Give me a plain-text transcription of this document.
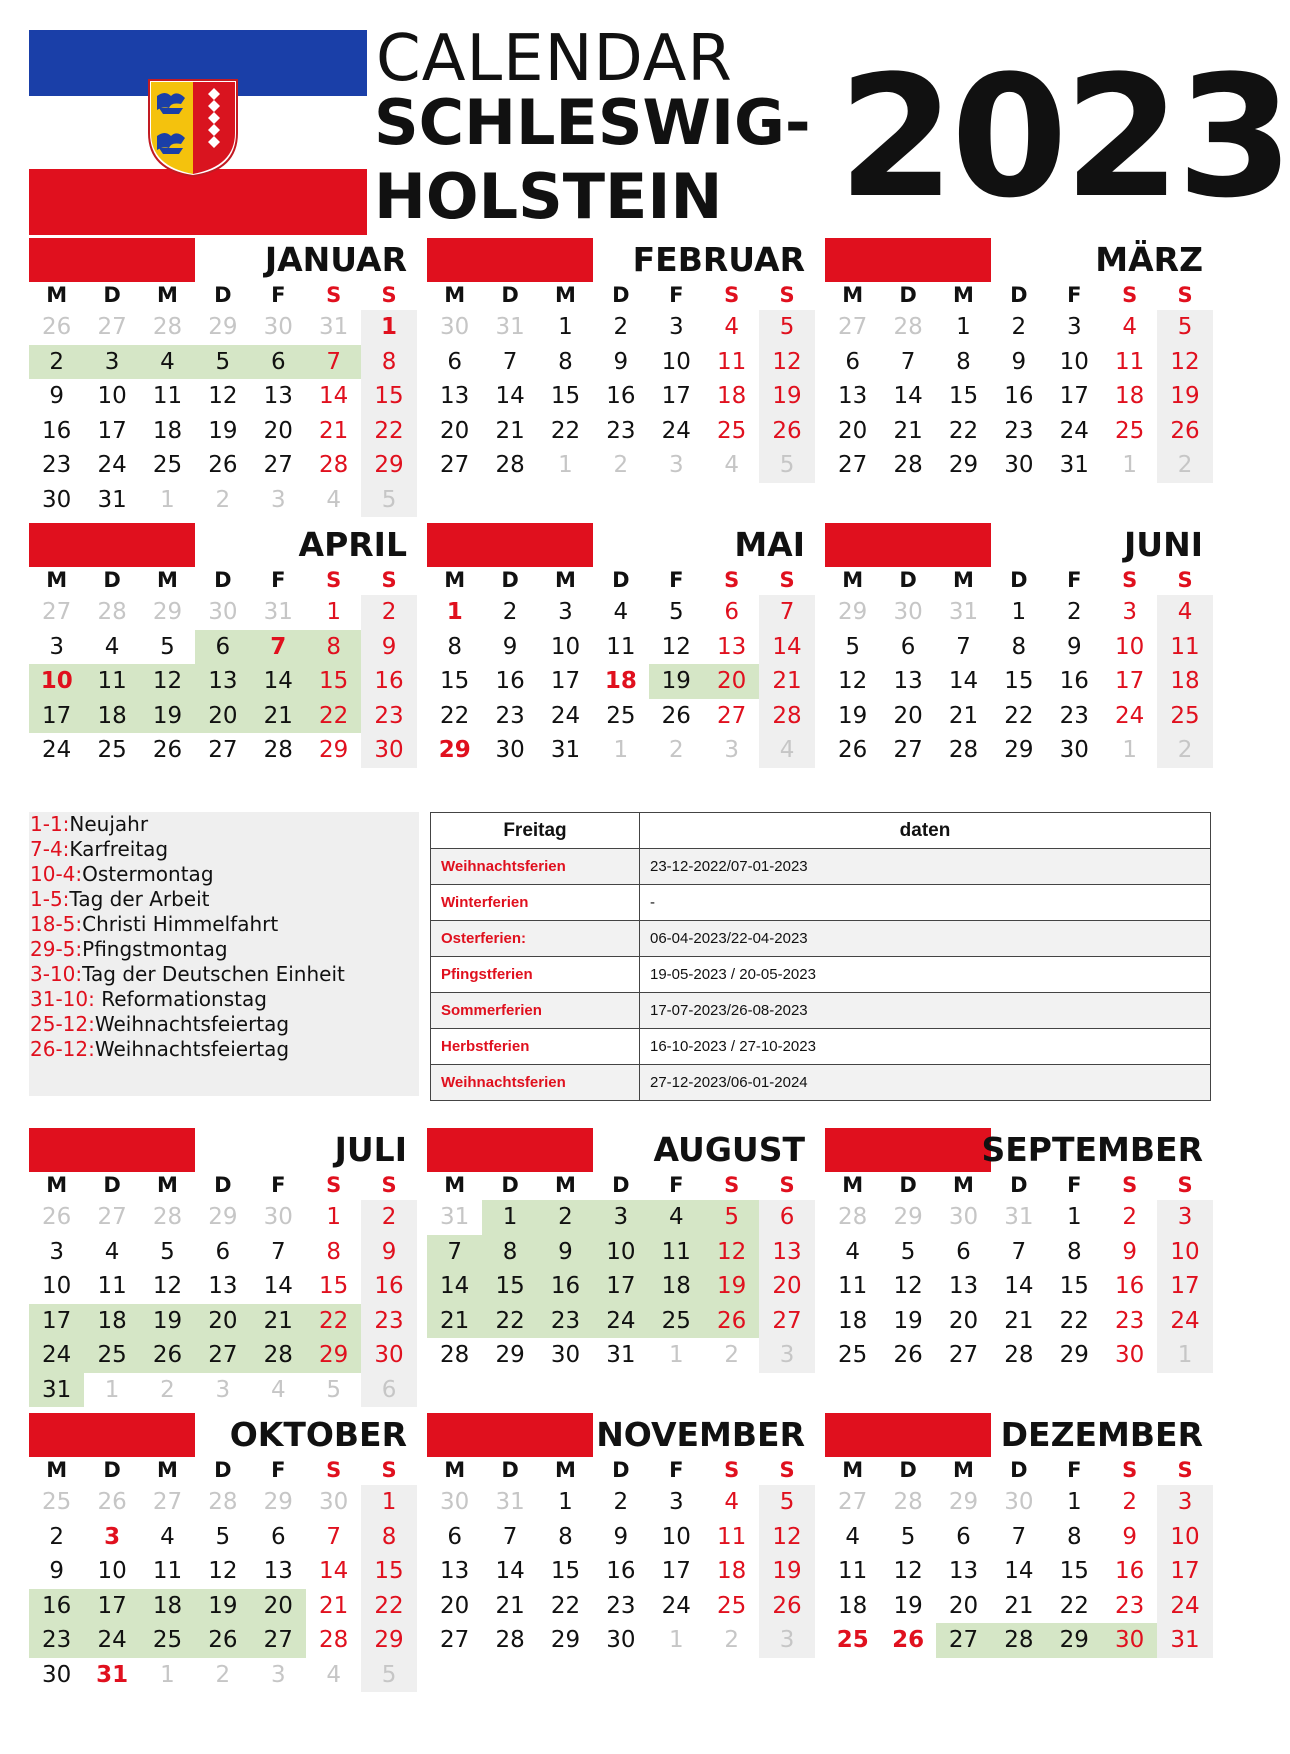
CALENDAR
SCHLESWIG-HOLSTEIN 2023
JANUAR
M	D	M	D	F	S	S
26	27	28	29	30	31	1
2	3	4	5	6	7	8
9	10	11	12	13	14	15
16	17	18	19	20	21	22
23	24	25	26	27	28	29
30	31	1	2	3	4	5
FEBRUAR
M	D	M	D	F	S	S
30	31	1	2	3	4	5
6	7	8	9	10	11	12
13	14	15	16	17	18	19
20	21	22	23	24	25	26
27	28	1	2	3	4	5
MÄRZ
M	D	M	D	F	S	S
27	28	1	2	3	4	5
6	7	8	9	10	11	12
13	14	15	16	17	18	19
20	21	22	23	24	25	26
27	28	29	30	31	1	2
APRIL
M	D	M	D	F	S	S
27	28	29	30	31	1	2
3	4	5	6	7	8	9
10	11	12	13	14	15	16
17	18	19	20	21	22	23
24	25	26	27	28	29	30
MAI
M	D	M	D	F	S	S
1	2	3	4	5	6	7
8	9	10	11	12	13	14
15	16	17	18	19	20	21
22	23	24	25	26	27	28
29	30	31	1	2	3	4
JUNI
M	D	M	D	F	S	S
29	30	31	1	2	3	4
5	6	7	8	9	10	11
12	13	14	15	16	17	18
19	20	21	22	23	24	25
26	27	28	29	30	1	2
JULI
M	D	M	D	F	S	S
26	27	28	29	30	1	2
3	4	5	6	7	8	9
10	11	12	13	14	15	16
17	18	19	20	21	22	23
24	25	26	27	28	29	30
31	1	2	3	4	5	6
AUGUST
M	D	M	D	F	S	S
31	1	2	3	4	5	6
7	8	9	10	11	12	13
14	15	16	17	18	19	20
21	22	23	24	25	26	27
28	29	30	31	1	2	3
SEPTEMBER
M	D	M	D	F	S	S
28	29	30	31	1	2	3
4	5	6	7	8	9	10
11	12	13	14	15	16	17
18	19	20	21	22	23	24
25	26	27	28	29	30	1
OKTOBER
M	D	M	D	F	S	S
25	26	27	28	29	30	1
2	3	4	5	6	7	8
9	10	11	12	13	14	15
16	17	18	19	20	21	22
23	24	25	26	27	28	29
30	31	1	2	3	4	5
NOVEMBER
M	D	M	D	F	S	S
30	31	1	2	3	4	5
6	7	8	9	10	11	12
13	14	15	16	17	18	19
20	21	22	23	24	25	26
27	28	29	30	1	2	3
DEZEMBER
M	D	M	D	F	S	S
27	28	29	30	1	2	3
4	5	6	7	8	9	10
11	12	13	14	15	16	17
18	19	20	21	22	23	24
25	26	27	28	29	30	31
1-1:Neujahr
7-4:Karfreitag
10-4:Ostermontag
1-5:Tag der Arbeit
18-5:Christi Himmelfahrt
29-5:Pfingstmontag
3-10:Tag der Deutschen Einheit
31-10: Reformationstag
25-12:Weihnachtsfeiertag
26-12:Weihnachtsfeiertag
Freitag	daten
Weihnachtsferien	23-12-2022/07-01-2023
Winterferien	-
Osterferien:	06-04-2023/22-04-2023
Pfingstferien	19-05-2023 / 20-05-2023
Sommerferien	17-07-2023/26-08-2023
Herbstferien	16-10-2023 / 27-10-2023
Weihnachtsferien	27-12-2023/06-01-2024
